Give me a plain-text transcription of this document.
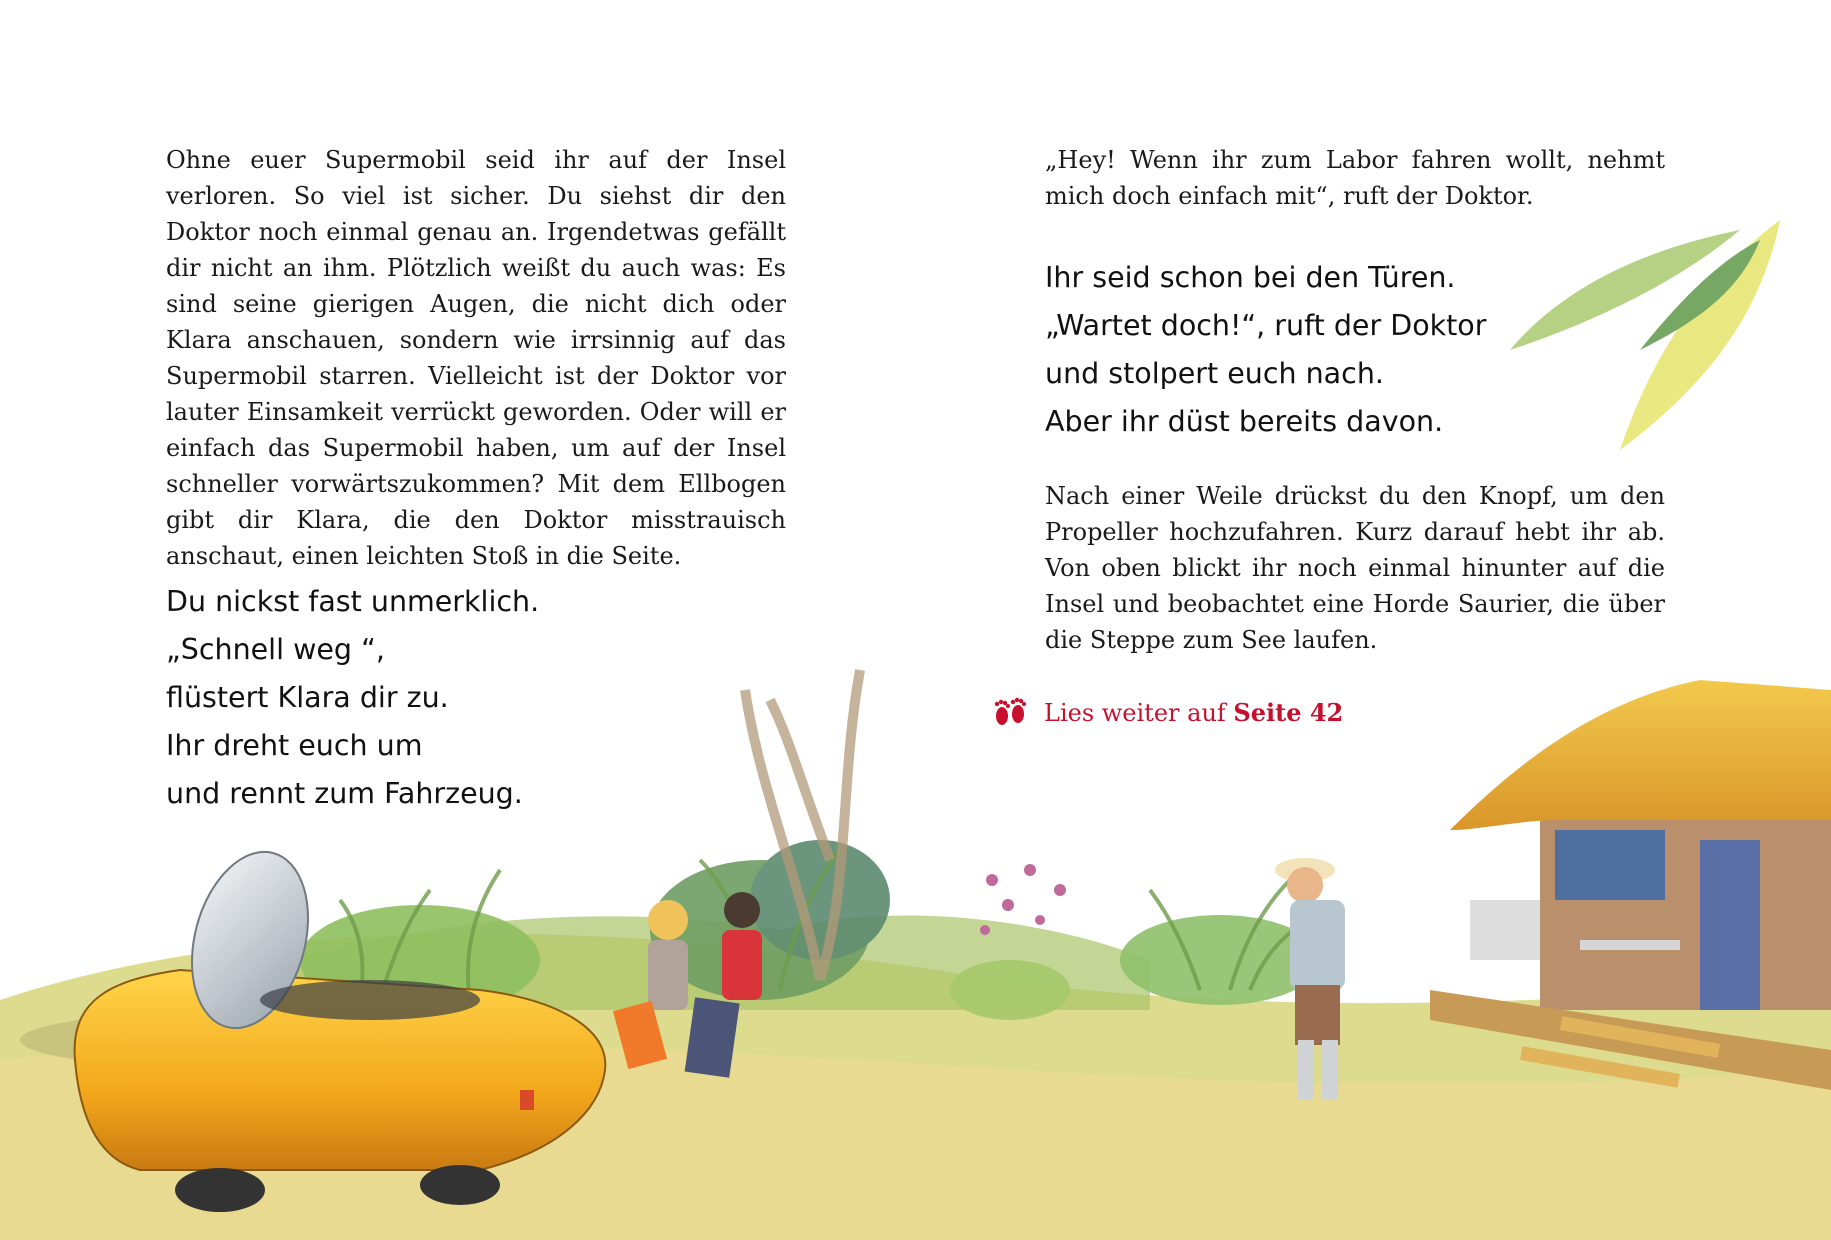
Ohne euer Supermobil seid ihr auf der Insel verloren. So viel ist sicher. Du siehst dir den Doktor noch einmal genau an. Irgendetwas gefällt dir nicht an ihm. Plötzlich weißt du auch was: Es sind seine gierigen Augen, die nicht dich oder Klara anschauen, sondern wie irrsinnig auf das Supermobil starren. Vielleicht ist der Doktor vor lauter Einsamkeit verrückt geworden. Oder will er einfach das Supermobil haben, um auf der Insel schneller vorwärtszukommen? Mit dem Ellbogen gibt dir Klara, die den Doktor misstrauisch anschaut, einen leichten Stoß in die Seite.
Du nickst fast unmerklich.
„Schnell weg “,
flüstert Klara dir zu.
Ihr dreht euch um
und rennt zum Fahrzeug.
„Hey! Wenn ihr zum Labor fahren wollt, nehmt mich doch einfach mit“, ruft der Doktor.
Ihr seid schon bei den Türen.
„Wartet doch!“, ruft der Doktor
und stolpert euch nach.
Aber ihr düst bereits davon.
Nach einer Weile drückst du den Knopf, um den Propeller hochzufahren. Kurz darauf hebt ihr ab. Von oben blickt ihr noch einmal hinunter auf die Insel und beobachtet eine Horde Saurier, die über die Steppe zum See laufen.
Lies weiter auf Seite 42
